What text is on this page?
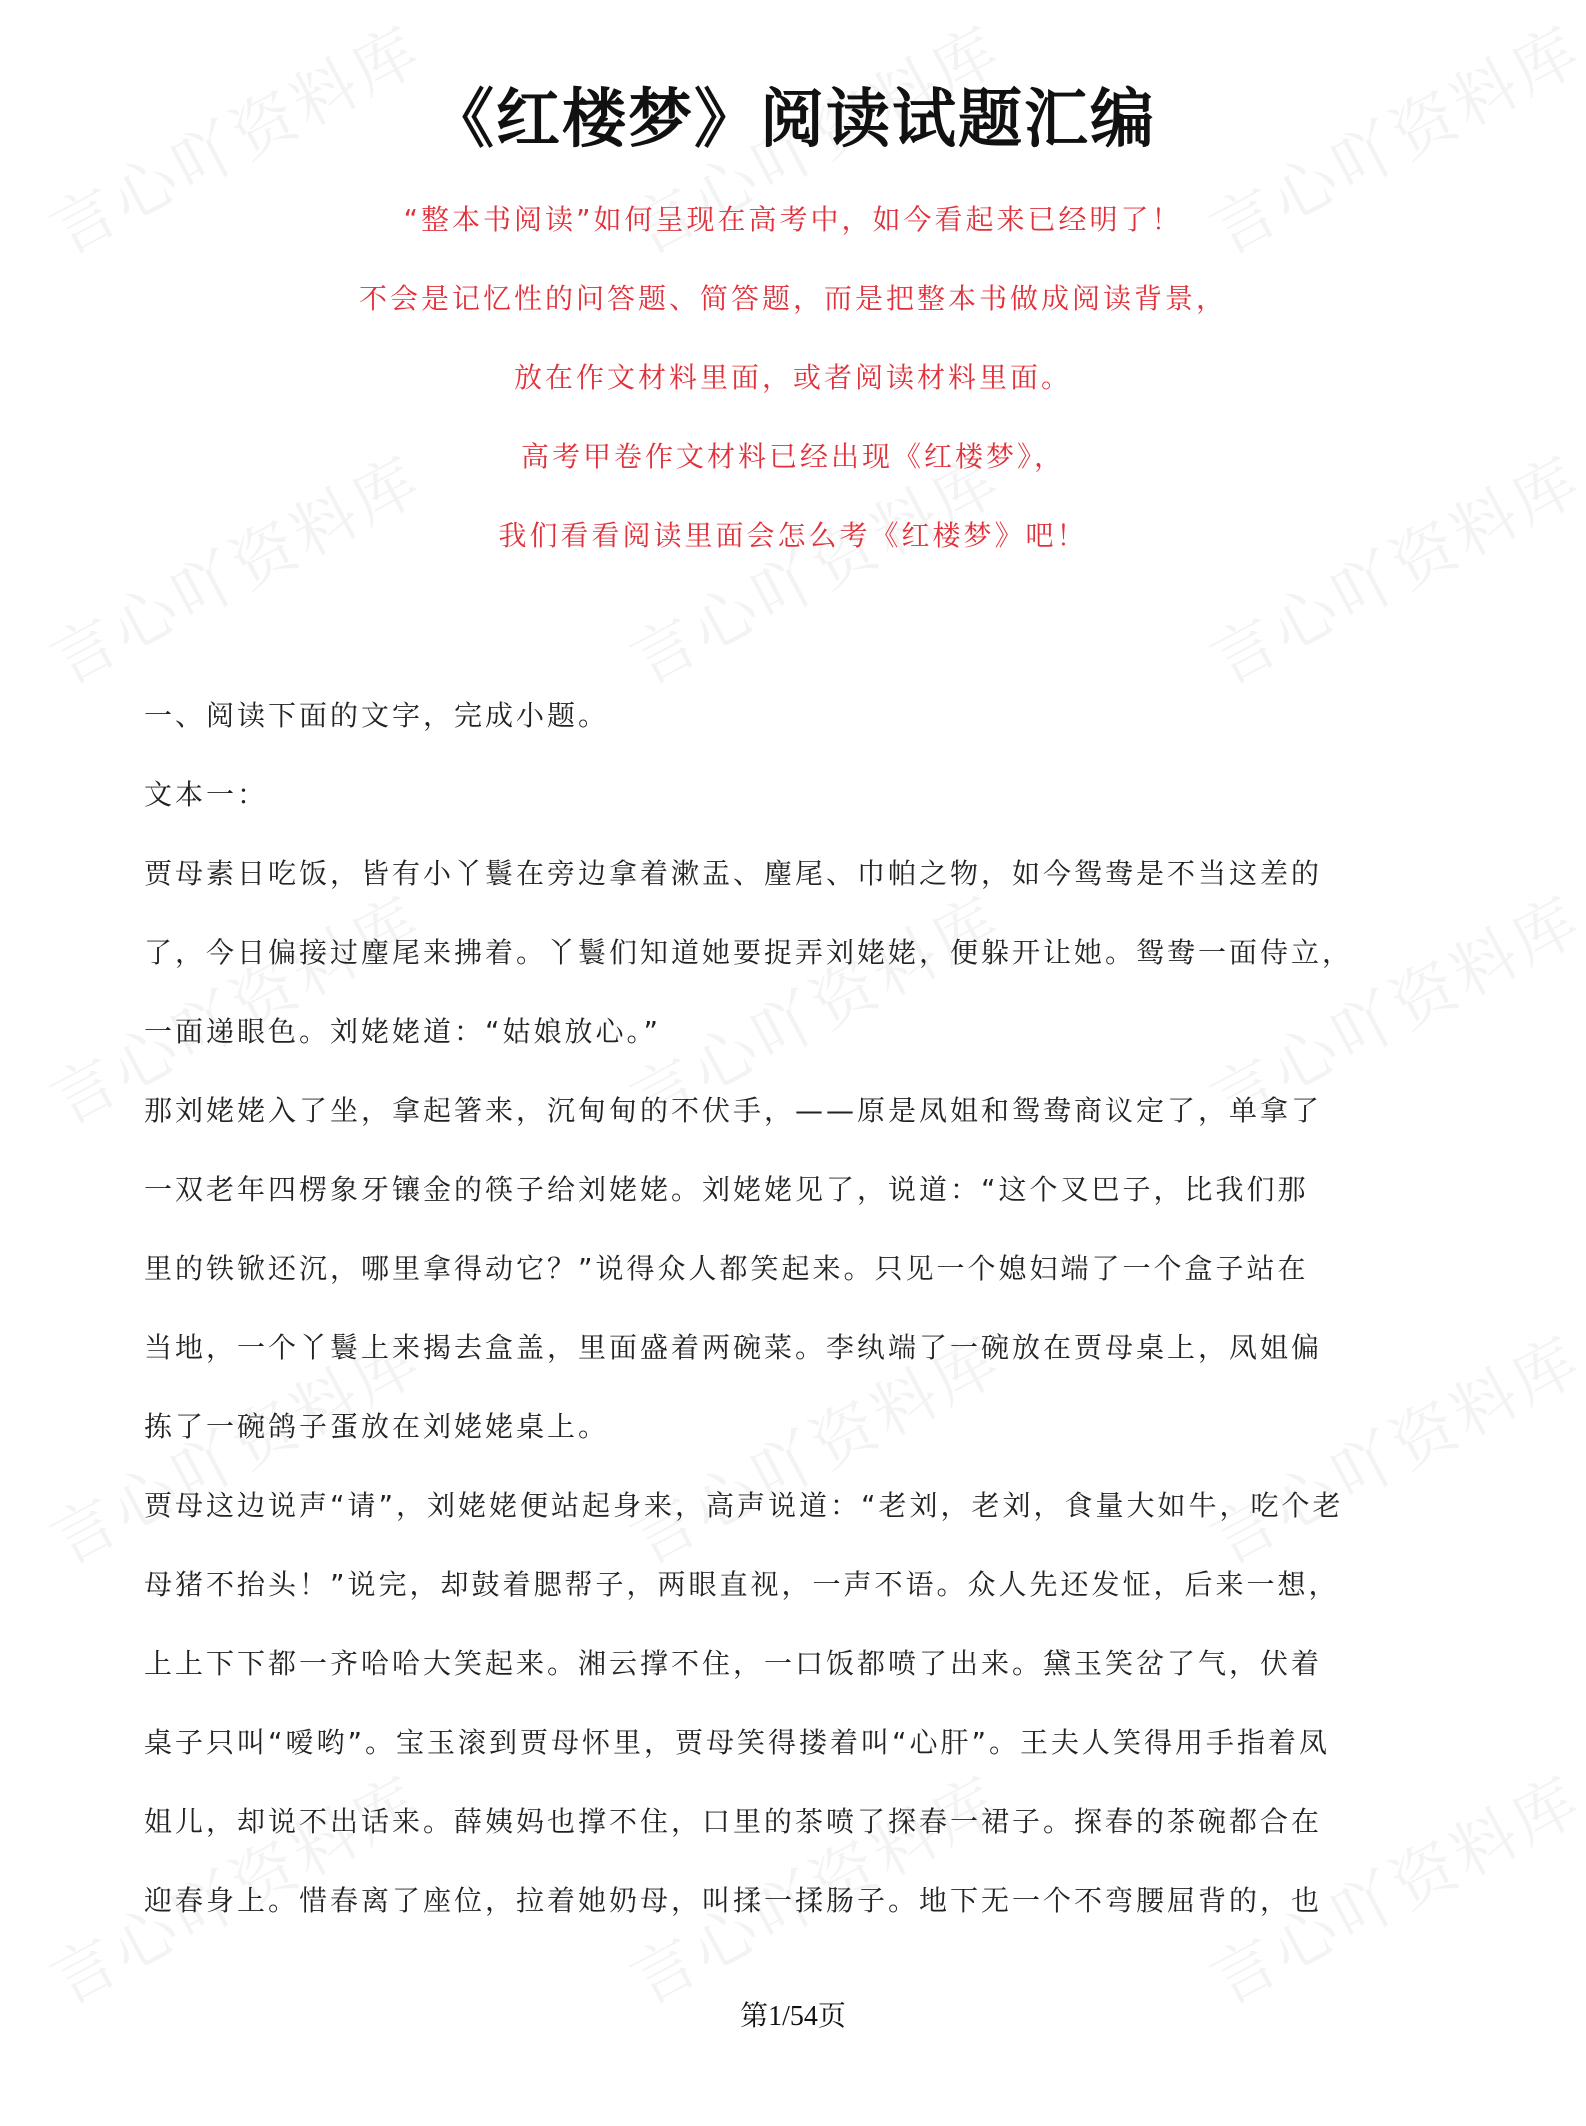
《红楼梦》阅读试题汇编

“整本书阅读”如何呈现在高考中，如今看起来已经明了！

不会是记忆性的问答题、简答题，而是把整本书做成阅读背景，

放在作文材料里面，或者阅读材料里面。

高考甲卷作文材料已经出现《红楼梦》，

我们看看阅读里面会怎么考《红楼梦》吧！

一、阅读下面的文字，完成小题。

文本一：

贾母素日吃饭，皆有小丫鬟在旁边拿着漱盂、麈尾、巾帕之物，如今鸳鸯是不当这差的

了，今日偏接过麈尾来拂着。丫鬟们知道她要捉弄刘姥姥，便躲开让她。鸳鸯一面侍立，

一面递眼色。刘姥姥道：“姑娘放心。”

那刘姥姥入了坐，拿起箸来，沉甸甸的不伏手，——原是凤姐和鸳鸯商议定了，单拿了

一双老年四楞象牙镶金的筷子给刘姥姥。刘姥姥见了，说道：“这个叉巴子，比我们那

里的铁锨还沉，哪里拿得动它？”说得众人都笑起来。只见一个媳妇端了一个盒子站在

当地，一个丫鬟上来揭去盒盖，里面盛着两碗菜。李纨端了一碗放在贾母桌上，凤姐偏

拣了一碗鸽子蛋放在刘姥姥桌上。

贾母这边说声“请”，刘姥姥便站起身来，高声说道：“老刘，老刘，食量大如牛，吃个老

母猪不抬头！”说完，却鼓着腮帮子，两眼直视，一声不语。众人先还发怔，后来一想，

上上下下都一齐哈哈大笑起来。湘云撑不住，一口饭都喷了出来。黛玉笑岔了气，伏着

桌子只叫“嗳哟”。宝玉滚到贾母怀里，贾母笑得搂着叫“心肝”。王夫人笑得用手指着凤

姐儿，却说不出话来。薛姨妈也撑不住，口里的茶喷了探春一裙子。探春的茶碗都合在

迎春身上。惜春离了座位，拉着她奶母，叫揉一揉肠子。地下无一个不弯腰屈背的，也

第1/54页
